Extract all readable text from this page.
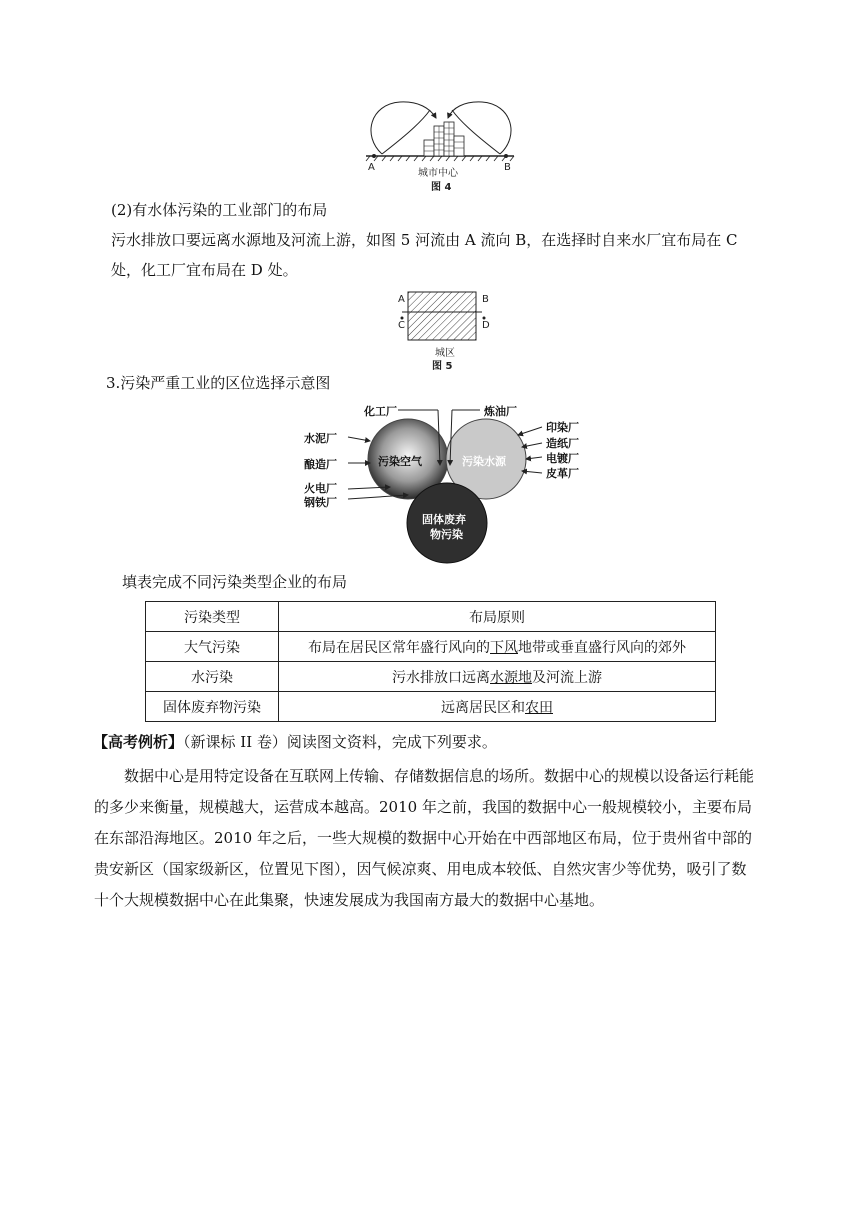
A
城市中心
B
图 4
(2)有水体污染的工业部门的布局
污水排放口要远离水源地及河流上游，如图 5 河流由 A 流向 B，在选择时自来水厂宜布局在 C 处，化工厂宜布局在 D 处。
A	B
C	D
城区
图 5
3.污染严重工业的区位选择示意图
污染空气	污染水源
固体废弃
物污染
化工厂	炼油厂
水泥厂
酿造厂
火电厂
钢铁厂
印染厂
造纸厂
电镀厂
皮革厂
填表完成不同污染类型企业的布局
污染类型	布局原则
大气污染	布局在居民区常年盛行风向的下风地带或垂直盛行风向的郊外
水污染	污水排放口远离水源地及河流上游
固体废弃物污染	远离居民区和农田
【高考例析】（新课标 II 卷）阅读图文资料，完成下列要求。
数据中心是用特定设备在互联网上传输、存储数据信息的场所。数据中心的规模以设备运行耗能的多少来衡量，规模越大，运营成本越高。2010 年之前，我国的数据中心一般规模较小，主要布局在东部沿海地区。2010 年之后，一些大规模的数据中心开始在中西部地区布局，位于贵州省中部的贵安新区（国家级新区，位置见下图），因气候凉爽、用电成本较低、自然灾害少等优势，吸引了数十个大规模数据中心在此集聚，快速发展成为我国南方最大的数据中心基地。
